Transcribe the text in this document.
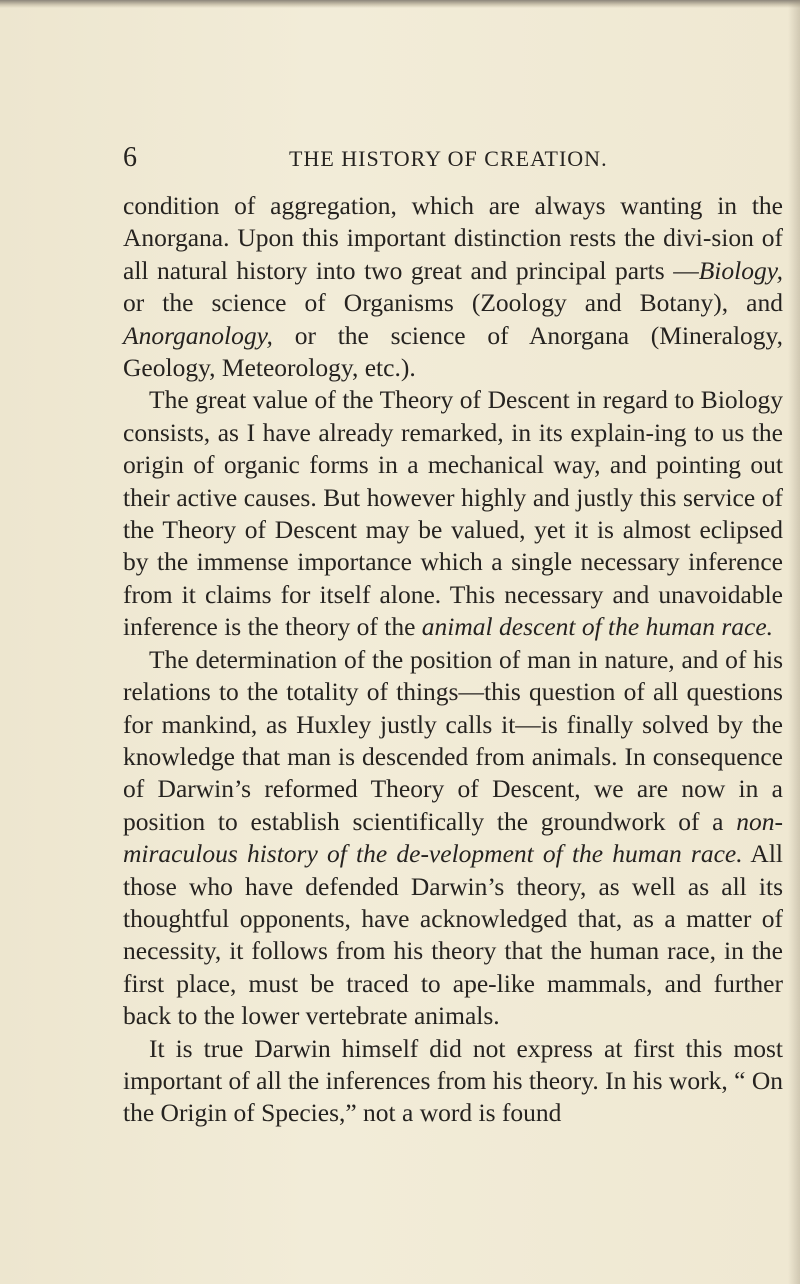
6	THE HISTORY OF CREATION.

condition of aggregation, which are always wanting in the Anorgana. Upon this important distinction rests the divi-sion of all natural history into two great and principal parts —Biology, or the science of Organisms (Zoology and Botany), and Anorganology, or the science of Anorgana (Mineralogy, Geology, Meteorology, etc.).

The great value of the Theory of Descent in regard to Biology consists, as I have already remarked, in its explain-ing to us the origin of organic forms in a mechanical way, and pointing out their active causes. But however highly and justly this service of the Theory of Descent may be valued, yet it is almost eclipsed by the immense importance which a single necessary inference from it claims for itself alone. This necessary and unavoidable inference is the theory of the animal descent of the human race.

The determination of the position of man in nature, and of his relations to the totality of things—this question of all questions for mankind, as Huxley justly calls it—is finally solved by the knowledge that man is descended from animals. In consequence of Darwin’s reformed Theory of Descent, we are now in a position to establish scientifically the groundwork of a non-miraculous history of the de-velopment of the human race. All those who have defended Darwin’s theory, as well as all its thoughtful opponents, have acknowledged that, as a matter of necessity, it follows from his theory that the human race, in the first place, must be traced to ape-like mammals, and further back to the lower vertebrate animals.

It is true Darwin himself did not express at first this most important of all the inferences from his theory. In his work, “ On the Origin of Species,” not a word is found
